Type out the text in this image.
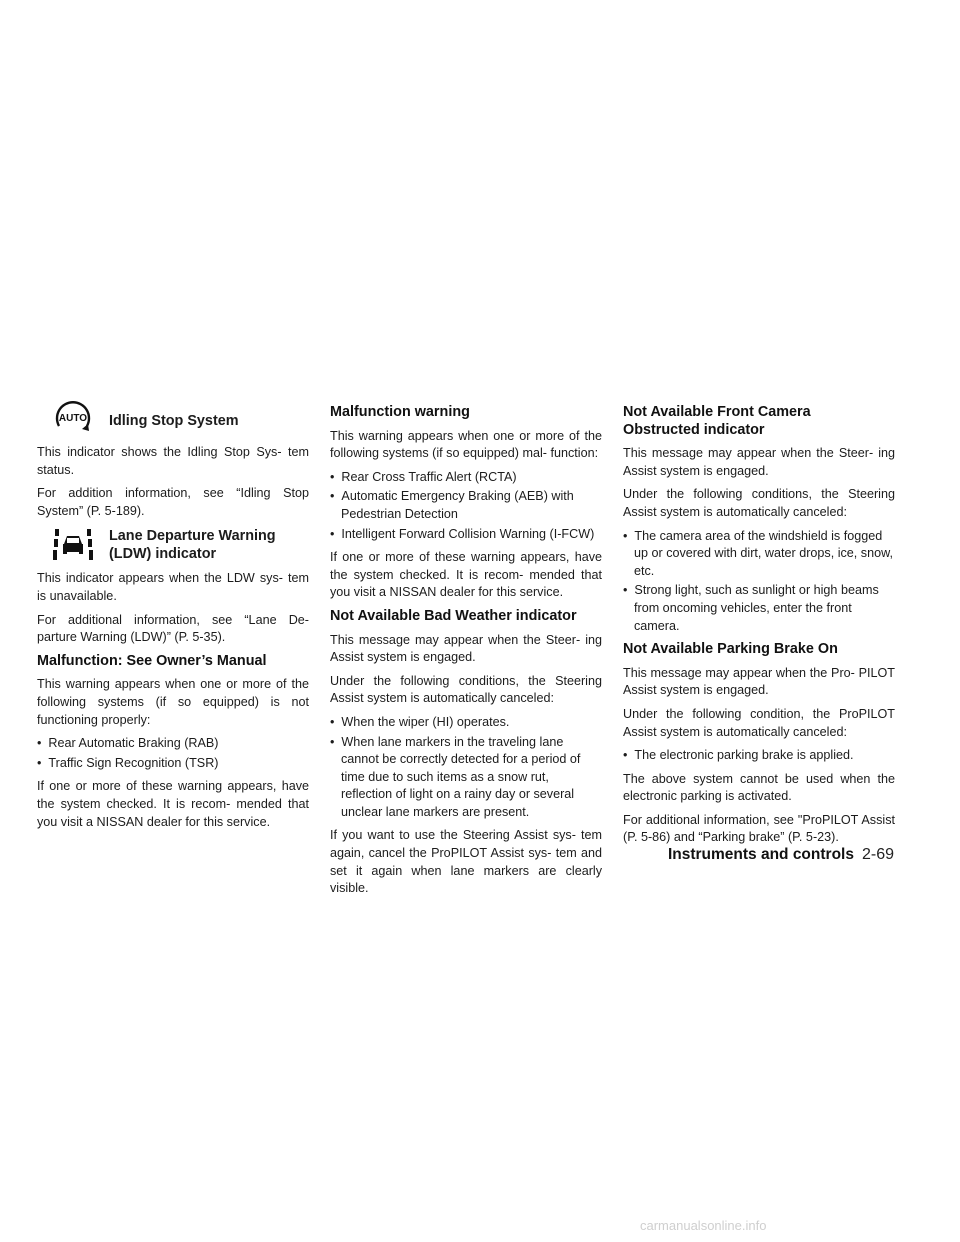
AUTO Idling Stop System

This indicator shows the Idling Stop Sys- tem status.

For addition information, see “Idling Stop System” (P. 5-189).

Lane Departure Warning
(LDW) indicator

This indicator appears when the LDW sys- tem is unavailable.

For additional information, see “Lane De- parture Warning (LDW)” (P. 5-35).

Malfunction: See Owner’s Manual

This warning appears when one or more of the following systems (if so equipped) is not functioning properly:

•  Rear Automatic Braking (RAB)
•  Traffic Sign Recognition (TSR)

If one or more of these warning appears, have the system checked. It is recom- mended that you visit a NISSAN dealer for this service.

Malfunction warning

This warning appears when one or more of the following systems (if so equipped) mal- function:

•  Rear Cross Traffic Alert (RCTA)
•  Automatic Emergency Braking (AEB) with Pedestrian Detection
•  Intelligent Forward Collision Warning (I-FCW)

If one or more of these warning appears, have the system checked. It is recom- mended that you visit a NISSAN dealer for this service.

Not Available Bad Weather indicator

This message may appear when the Steer- ing Assist system is engaged.

Under the following conditions, the Steering Assist system is automatically canceled:

•  When the wiper (HI) operates.
•  When lane markers in the traveling lane cannot be correctly detected for a period of time due to such items as a snow rut, reflection of light on a rainy day or several unclear lane markers are present.

If you want to use the Steering Assist sys- tem again, cancel the ProPILOT Assist sys- tem and set it again when lane markers are clearly visible.

Not Available Front Camera
Obstructed indicator

This message may appear when the Steer- ing Assist system is engaged.

Under the following conditions, the Steering Assist system is automatically canceled:

•  The camera area of the windshield is fogged up or covered with dirt, water drops, ice, snow, etc.
•  Strong light, such as sunlight or high beams from oncoming vehicles, enter the front camera.
Not Available Parking Brake On

This message may appear when the Pro- PILOT Assist system is engaged.

Under the following condition, the ProPILOT Assist system is automatically canceled:

•  The electronic parking brake is applied.

The above system cannot be used when the electronic parking is activated.

For additional information, see "ProPILOT Assist (P. 5-86) and “Parking brake” (P. 5-23).

Instruments and controls 2-69
carmanualsonline.info
